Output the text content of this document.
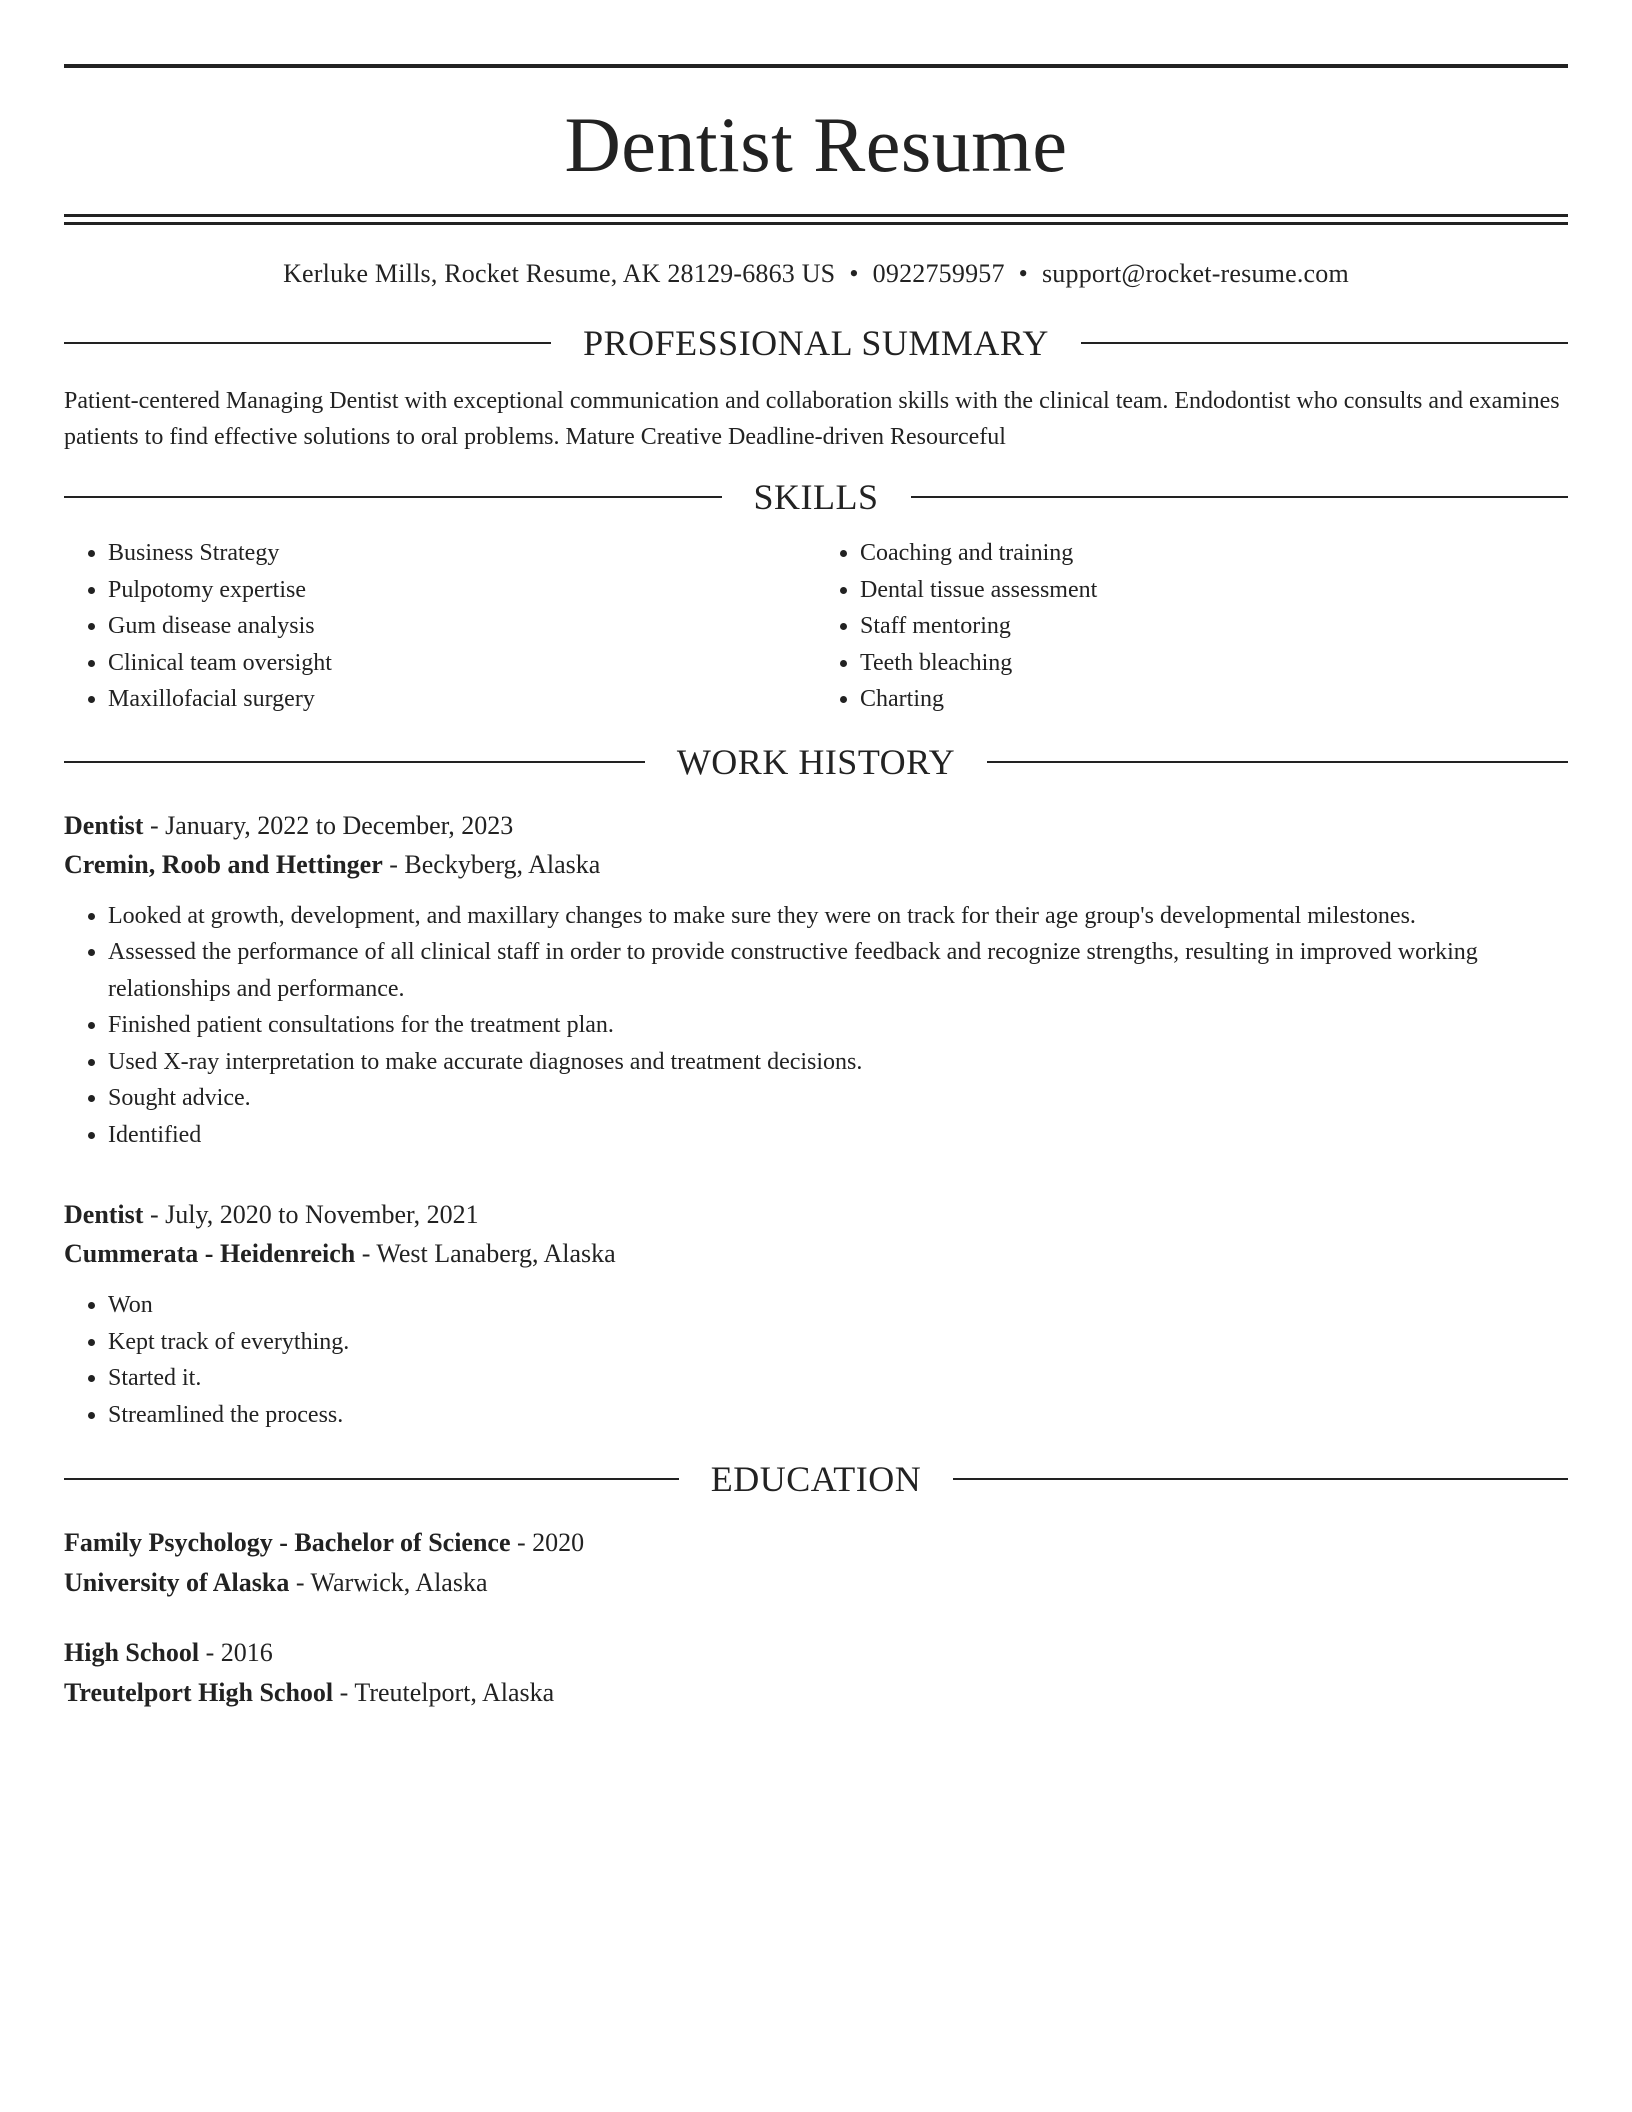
Dentist Resume
Kerluke Mills, Rocket Resume, AK 28129-6863 US • 0922759957 • support@rocket-resume.com
PROFESSIONAL SUMMARY

Patient-centered Managing Dentist with exceptional communication and collaboration skills with the clinical team. Endodontist who consults and examines patients to find effective solutions to oral problems. Mature Creative Deadline-driven Resourceful

SKILLS
• Business Strategy
• Pulpotomy expertise
• Gum disease analysis
• Clinical team oversight
• Maxillofacial surgery
• Coaching and training
• Dental tissue assessment
• Staff mentoring
• Teeth bleaching
• Charting
WORK HISTORY
Dentist - January, 2022 to December, 2023
Cremin, Roob and Hettinger - Beckyberg, Alaska
• Looked at growth, development, and maxillary changes to make sure they were on track for their age group's developmental milestones.
• Assessed the performance of all clinical staff in order to provide constructive feedback and recognize strengths, resulting in improved working relationships and performance.
• Finished patient consultations for the treatment plan.
• Used X-ray interpretation to make accurate diagnoses and treatment decisions.
• Sought advice.
• Identified
Dentist - July, 2020 to November, 2021
Cummerata - Heidenreich - West Lanaberg, Alaska
• Won
• Kept track of everything.
• Started it.
• Streamlined the process.
EDUCATION
Family Psychology - Bachelor of Science - 2020
University of Alaska - Warwick, Alaska
High School - 2016
Treutelport High School - Treutelport, Alaska
